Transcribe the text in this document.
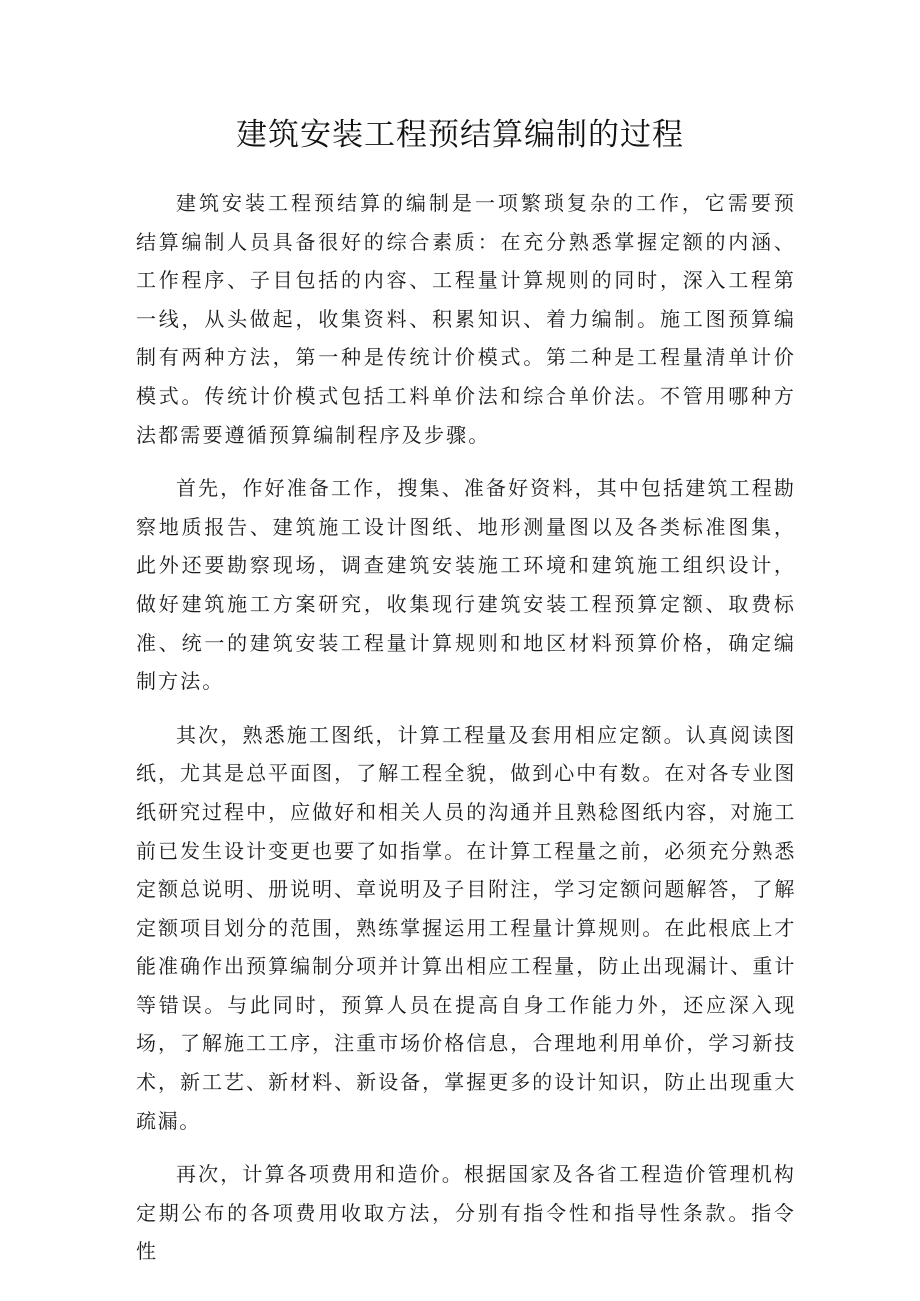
建筑安装工程预结算编制的过程

建筑安装工程预结算的编制是一项繁琐复杂的工作，它需要预结算编制人员具备很好的综合素质：在充分熟悉掌握定额的内涵、工作程序、子目包括的内容、工程量计算规则的同时，深入工程第一线，从头做起，收集资料、积累知识、着力编制。施工图预算编制有两种方法，第一种是传统计价模式。第二种是工程量清单计价模式。传统计价模式包括工料单价法和综合单价法。不管用哪种方法都需要遵循预算编制程序及步骤。

首先，作好准备工作，搜集、准备好资料，其中包括建筑工程勘察地质报告、建筑施工设计图纸、地形测量图以及各类标准图集，此外还要勘察现场，调查建筑安装施工环境和建筑施工组织设计，做好建筑施工方案研究，收集现行建筑安装工程预算定额、取费标准、统一的建筑安装工程量计算规则和地区材料预算价格，确定编制方法。

其次，熟悉施工图纸，计算工程量及套用相应定额。认真阅读图纸，尤其是总平面图，了解工程全貌，做到心中有数。在对各专业图纸研究过程中，应做好和相关人员的沟通并且熟稔图纸内容，对施工前已发生设计变更也要了如指掌。在计算工程量之前，必须充分熟悉定额总说明、册说明、章说明及子目附注，学习定额问题解答，了解定额项目划分的范围，熟练掌握运用工程量计算规则。在此根底上才能准确作出预算编制分项并计算出相应工程量，防止出现漏计、重计等错误。与此同时，预算人员在提高自身工作能力外，还应深入现场，了解施工工序，注重市场价格信息，合理地利用单价，学习新技术，新工艺、新材料、新设备，掌握更多的设计知识，防止出现重大疏漏。

再次，计算各项费用和造价。根据国家及各省工程造价管理机构定期公布的各项费用收取方法，分别有指令性和指导性条款。指令性
